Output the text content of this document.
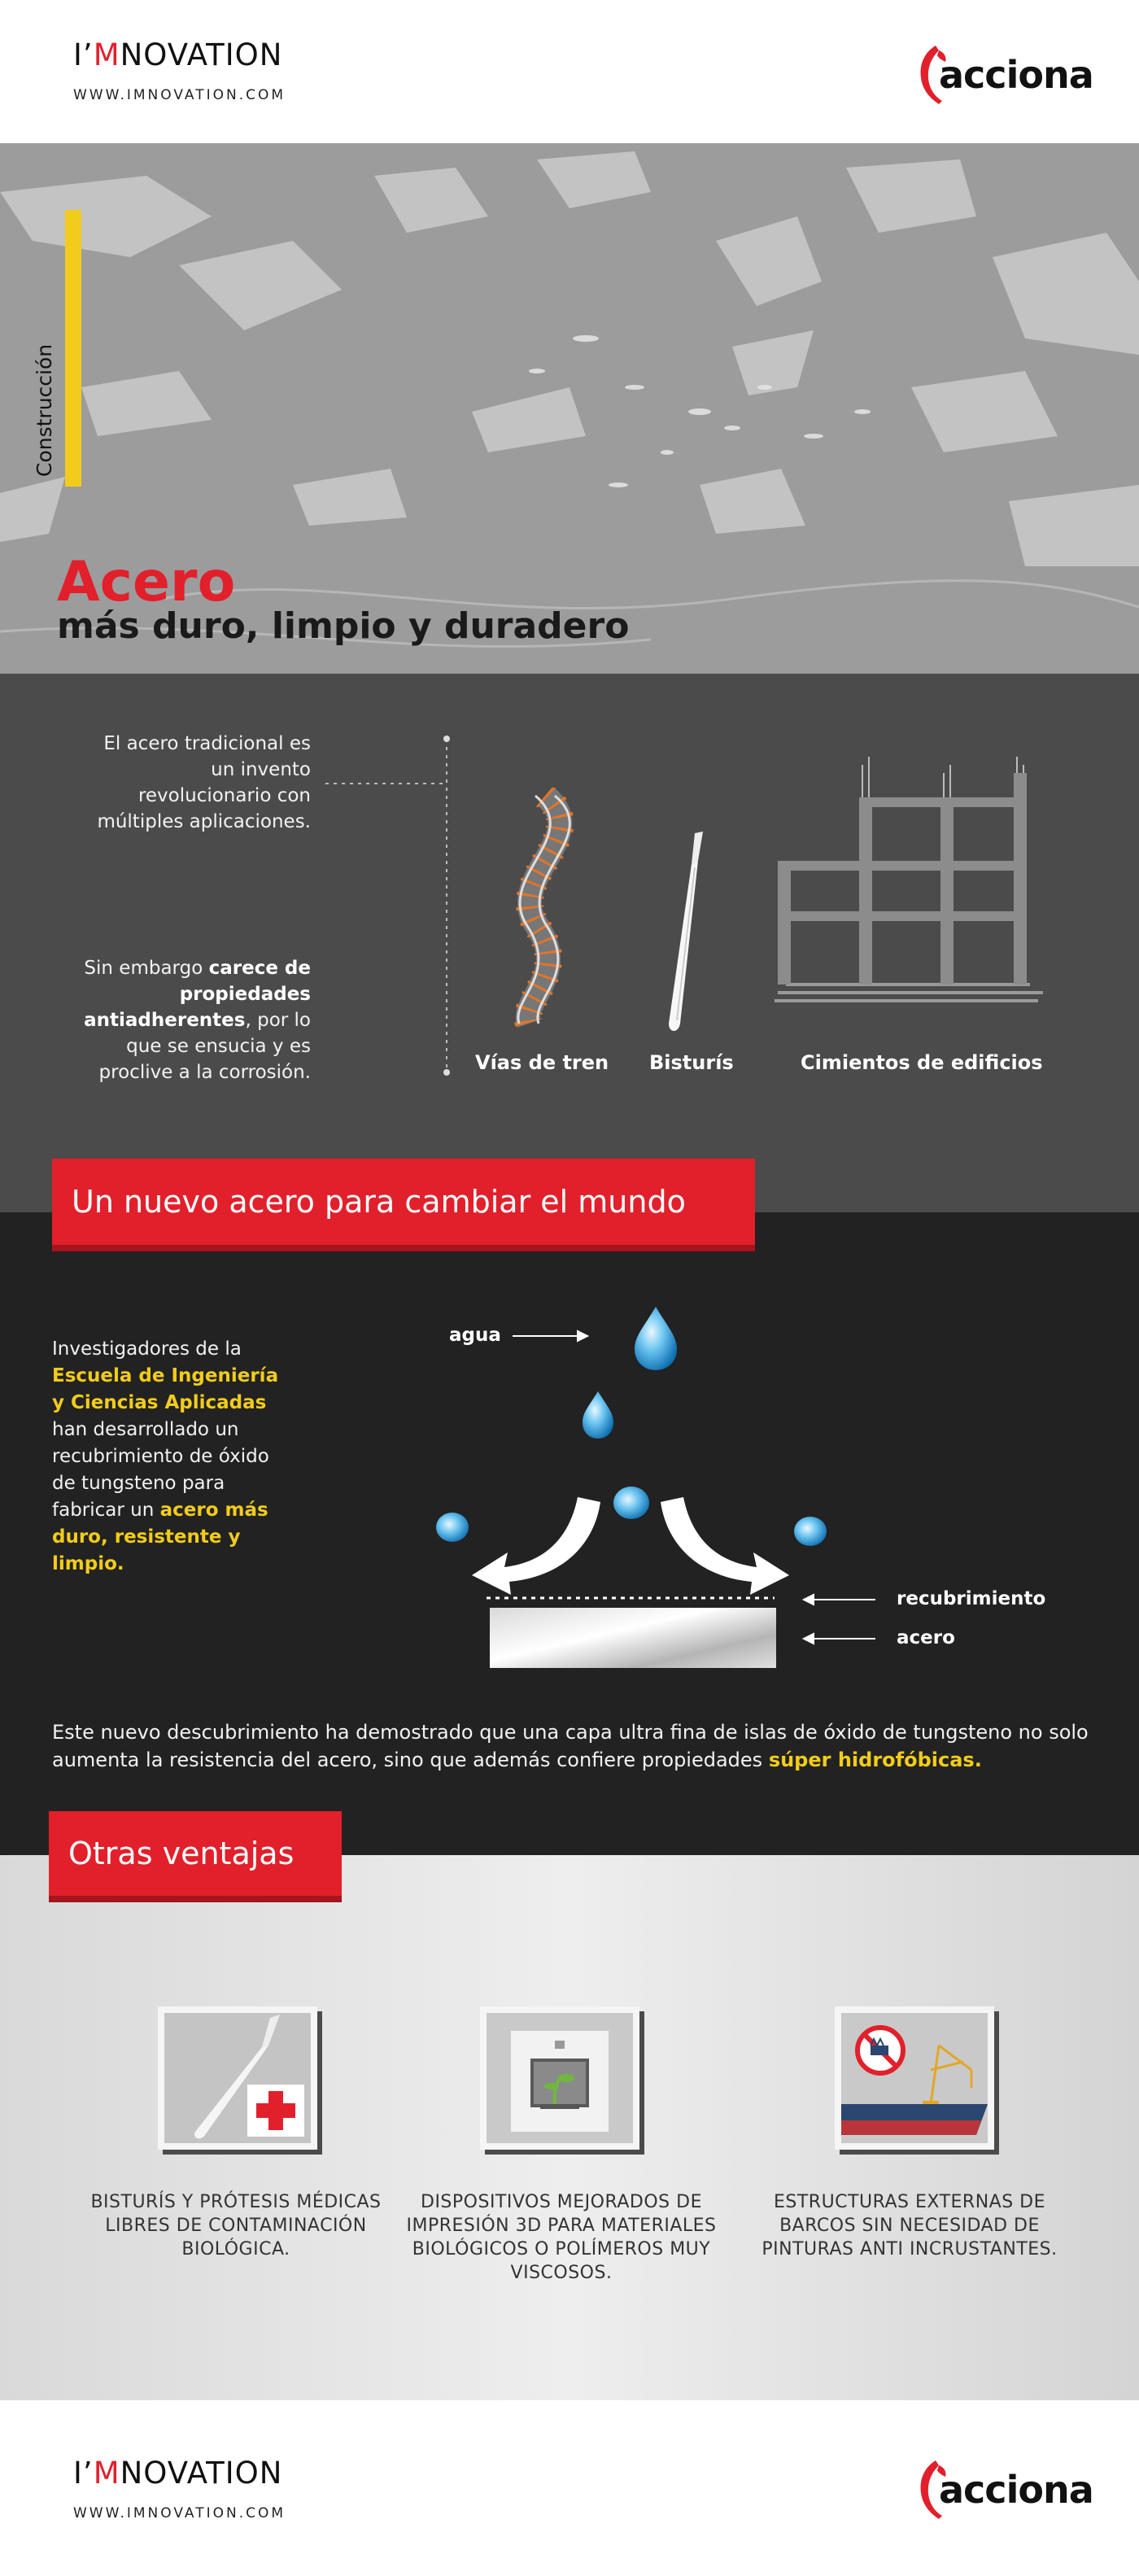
I’MNOVATION
WWW.IMNOVATION.COM	acciona
Construcción
Acero
más duro, limpio y duradero
El acero tradicional es un invento revolucionario con múltiples aplicaciones.
Sin embargo carece de propiedades antiadherentes, por lo que se ensucia y es proclive a la corrosión.	Vías de tren Bisturís	Cimientos de edificios
Un nuevo acero para cambiar el mundo
Investigadores de la Escuela de Ingeniería y Ciencias Aplicadas han desarrollado un recubrimiento de óxido de tungsteno para fabricar un acero más duro, resistente y limpio.
agua
recubrimiento
acero
Este nuevo descubrimiento ha demostrado que una capa ultra fina de islas de óxido de tungsteno no solo aumenta la resistencia del acero, sino que además confiere propiedades súper hidrofóbicas.
Otras ventajas
BISTURÍS Y PRÓTESIS MÉDICAS LIBRES DE CONTAMINACIÓN BIOLÓGICA.
DISPOSITIVOS MEJORADOS DE IMPRESIÓN 3D PARA MATERIALES BIOLÓGICOS O POLÍMEROS MUY VISCOSOS.
ESTRUCTURAS EXTERNAS DE BARCOS SIN NECESIDAD DE PINTURAS ANTI INCRUSTANTES.
I’MNOVATION
WWW.IMNOVATION.COM
acciona
